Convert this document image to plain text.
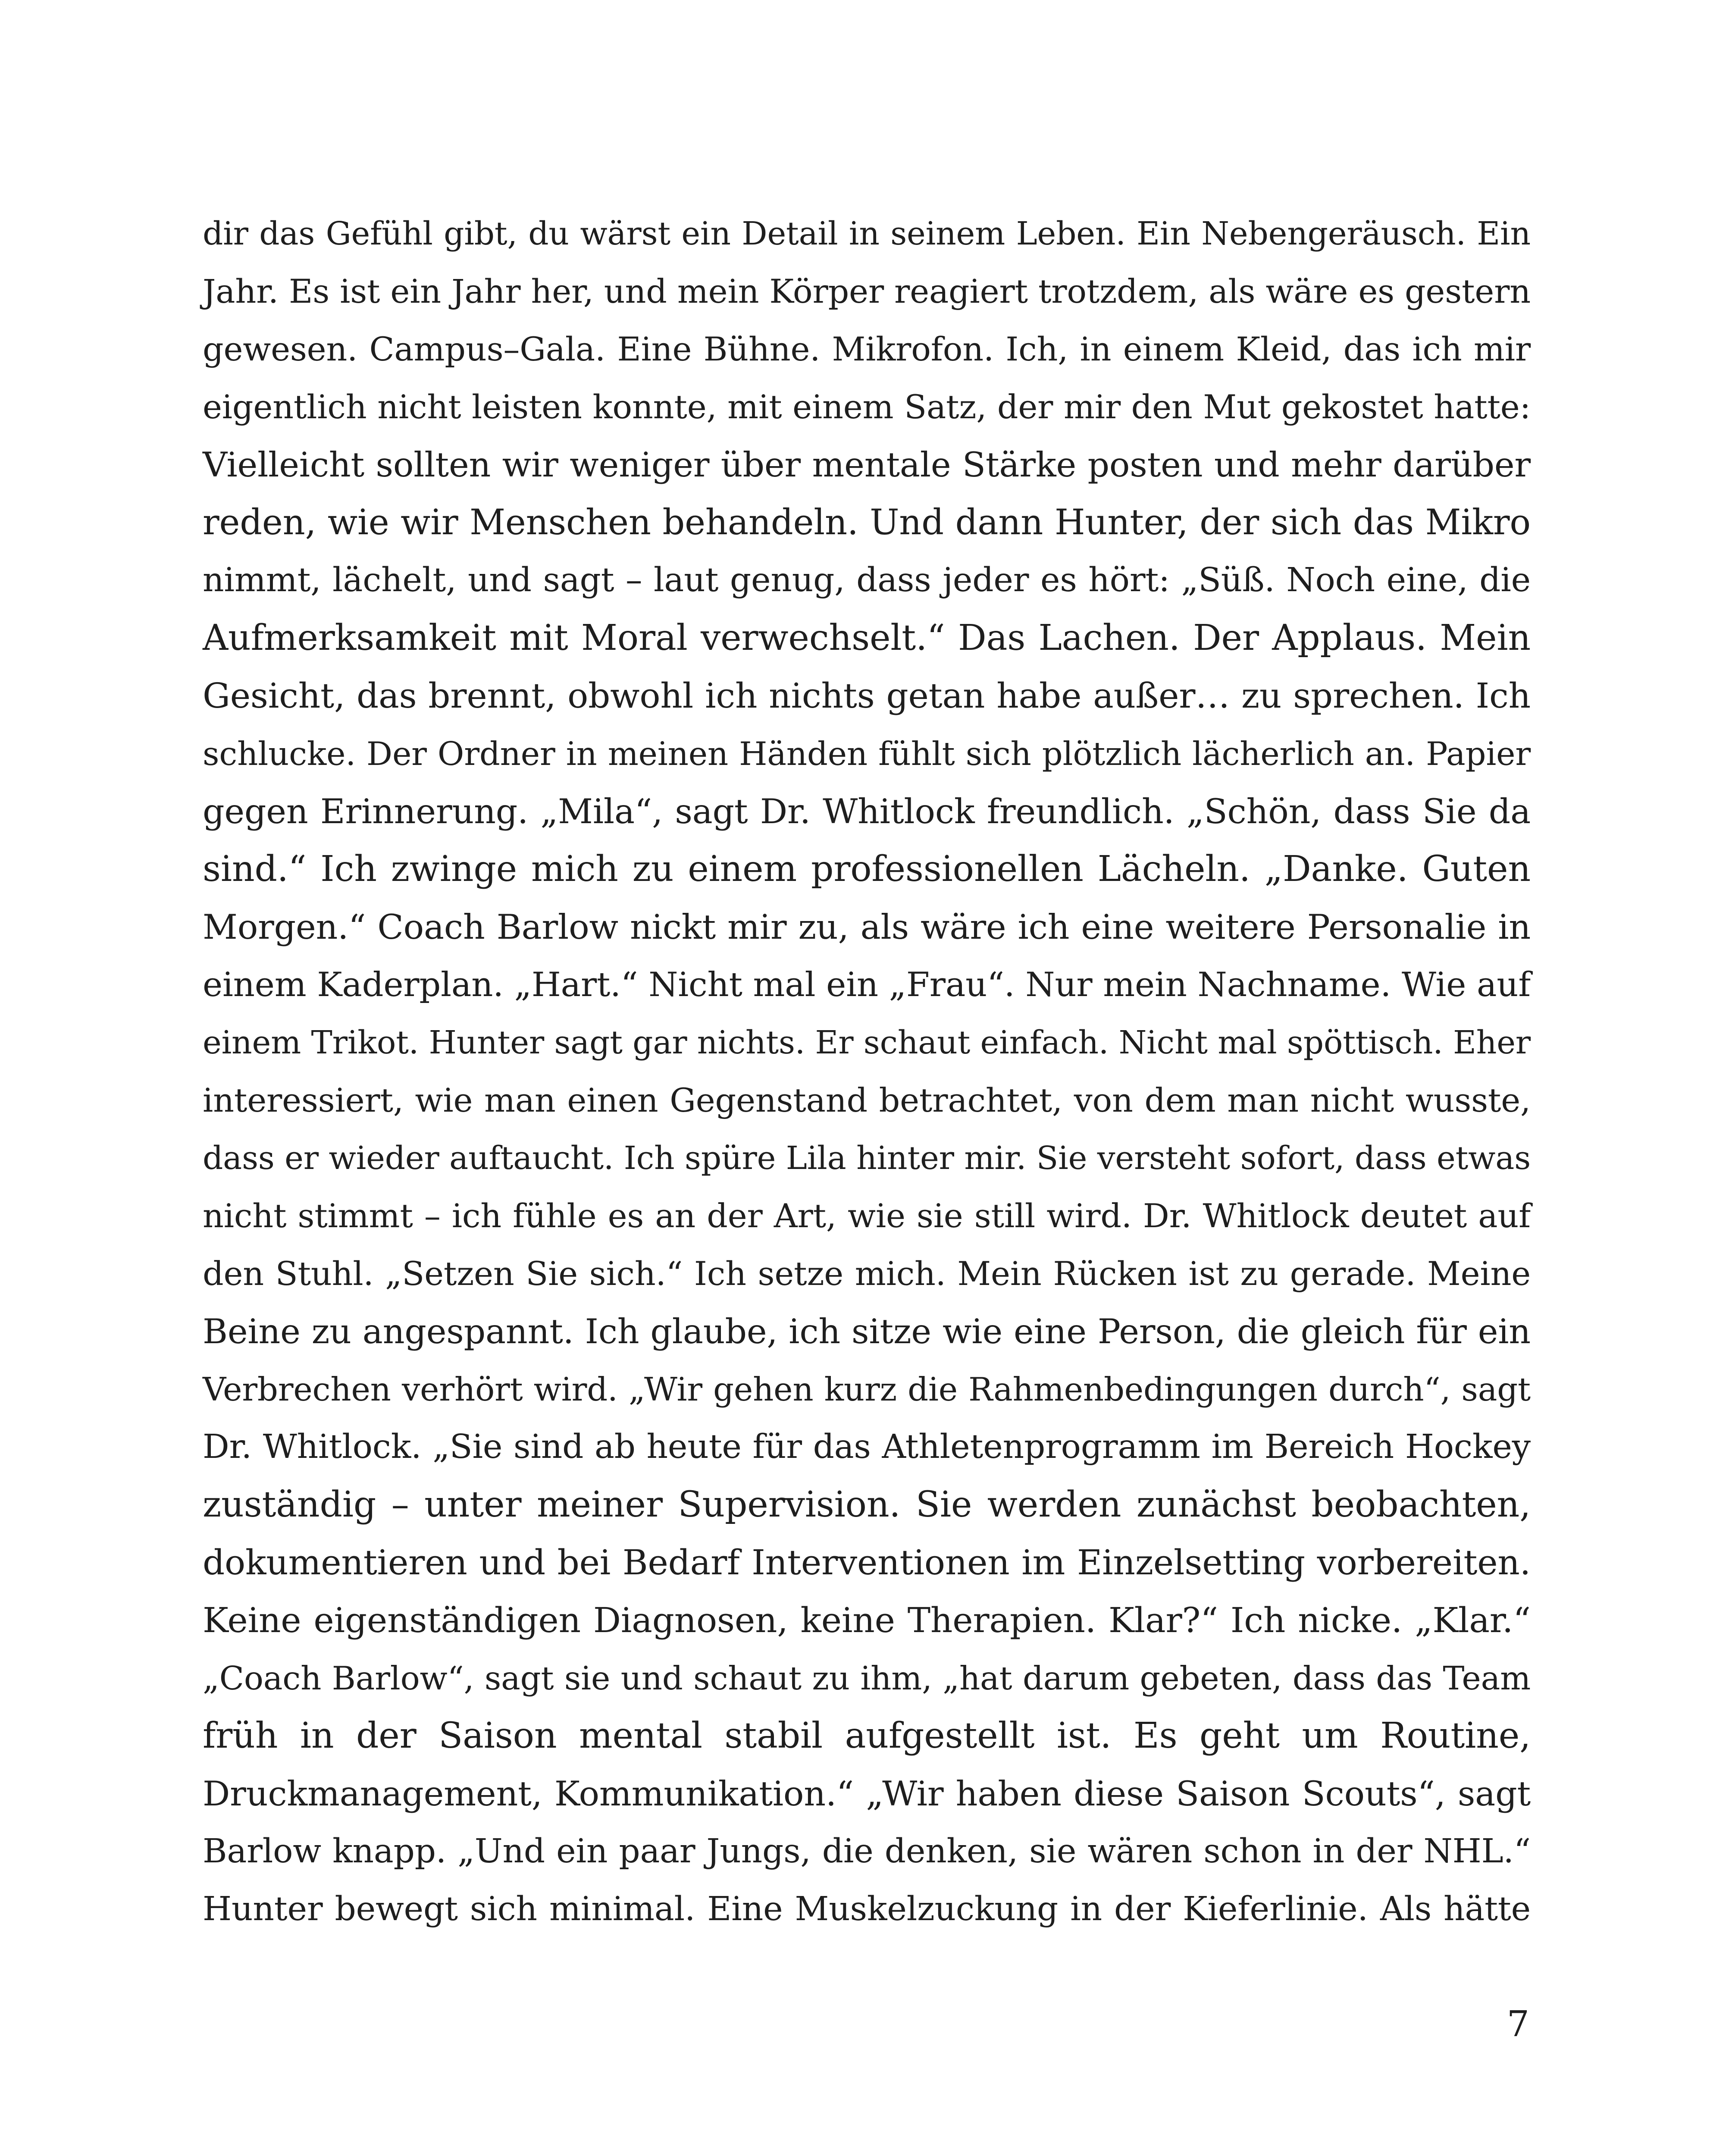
dir das Gefühl gibt, du wärst ein Detail in seinem Leben. Ein Nebengeräusch. Ein
Jahr. Es ist ein Jahr her, und mein Körper reagiert trotzdem, als wäre es gestern
gewesen. Campus–Gala. Eine Bühne. Mikrofon. Ich, in einem Kleid, das ich mir
eigentlich nicht leisten konnte, mit einem Satz, der mir den Mut gekostet hatte:
Vielleicht sollten wir weniger über mentale Stärke posten und mehr darüber
reden, wie wir Menschen behandeln. Und dann Hunter, der sich das Mikro
nimmt, lächelt, und sagt – laut genug, dass jeder es hört: „Süß. Noch eine, die
Aufmerksamkeit mit Moral verwechselt.“ Das Lachen. Der Applaus. Mein
Gesicht, das brennt, obwohl ich nichts getan habe außer… zu sprechen. Ich
schlucke. Der Ordner in meinen Händen fühlt sich plötzlich lächerlich an. Papier
gegen Erinnerung. „Mila“, sagt Dr. Whitlock freundlich. „Schön, dass Sie da
sind.“ Ich zwinge mich zu einem professionellen Lächeln. „Danke. Guten
Morgen.“ Coach Barlow nickt mir zu, als wäre ich eine weitere Personalie in
einem Kaderplan. „Hart.“ Nicht mal ein „Frau“. Nur mein Nachname. Wie auf
einem Trikot. Hunter sagt gar nichts. Er schaut einfach. Nicht mal spöttisch. Eher
interessiert, wie man einen Gegenstand betrachtet, von dem man nicht wusste,
dass er wieder auftaucht. Ich spüre Lila hinter mir. Sie versteht sofort, dass etwas
nicht stimmt – ich fühle es an der Art, wie sie still wird. Dr. Whitlock deutet auf
den Stuhl. „Setzen Sie sich.“ Ich setze mich. Mein Rücken ist zu gerade. Meine
Beine zu angespannt. Ich glaube, ich sitze wie eine Person, die gleich für ein
Verbrechen verhört wird. „Wir gehen kurz die Rahmenbedingungen durch“, sagt
Dr. Whitlock. „Sie sind ab heute für das Athletenprogramm im Bereich Hockey
zuständig – unter meiner Supervision. Sie werden zunächst beobachten,
dokumentieren und bei Bedarf Interventionen im Einzelsetting vorbereiten.
Keine eigenständigen Diagnosen, keine Therapien. Klar?“ Ich nicke. „Klar.“
„Coach Barlow“, sagt sie und schaut zu ihm, „hat darum gebeten, dass das Team
früh in der Saison mental stabil aufgestellt ist. Es geht um Routine,
Druckmanagement, Kommunikation.“ „Wir haben diese Saison Scouts“, sagt
Barlow knapp. „Und ein paar Jungs, die denken, sie wären schon in der NHL.“
Hunter bewegt sich minimal. Eine Muskelzuckung in der Kieferlinie. Als hätte
7
